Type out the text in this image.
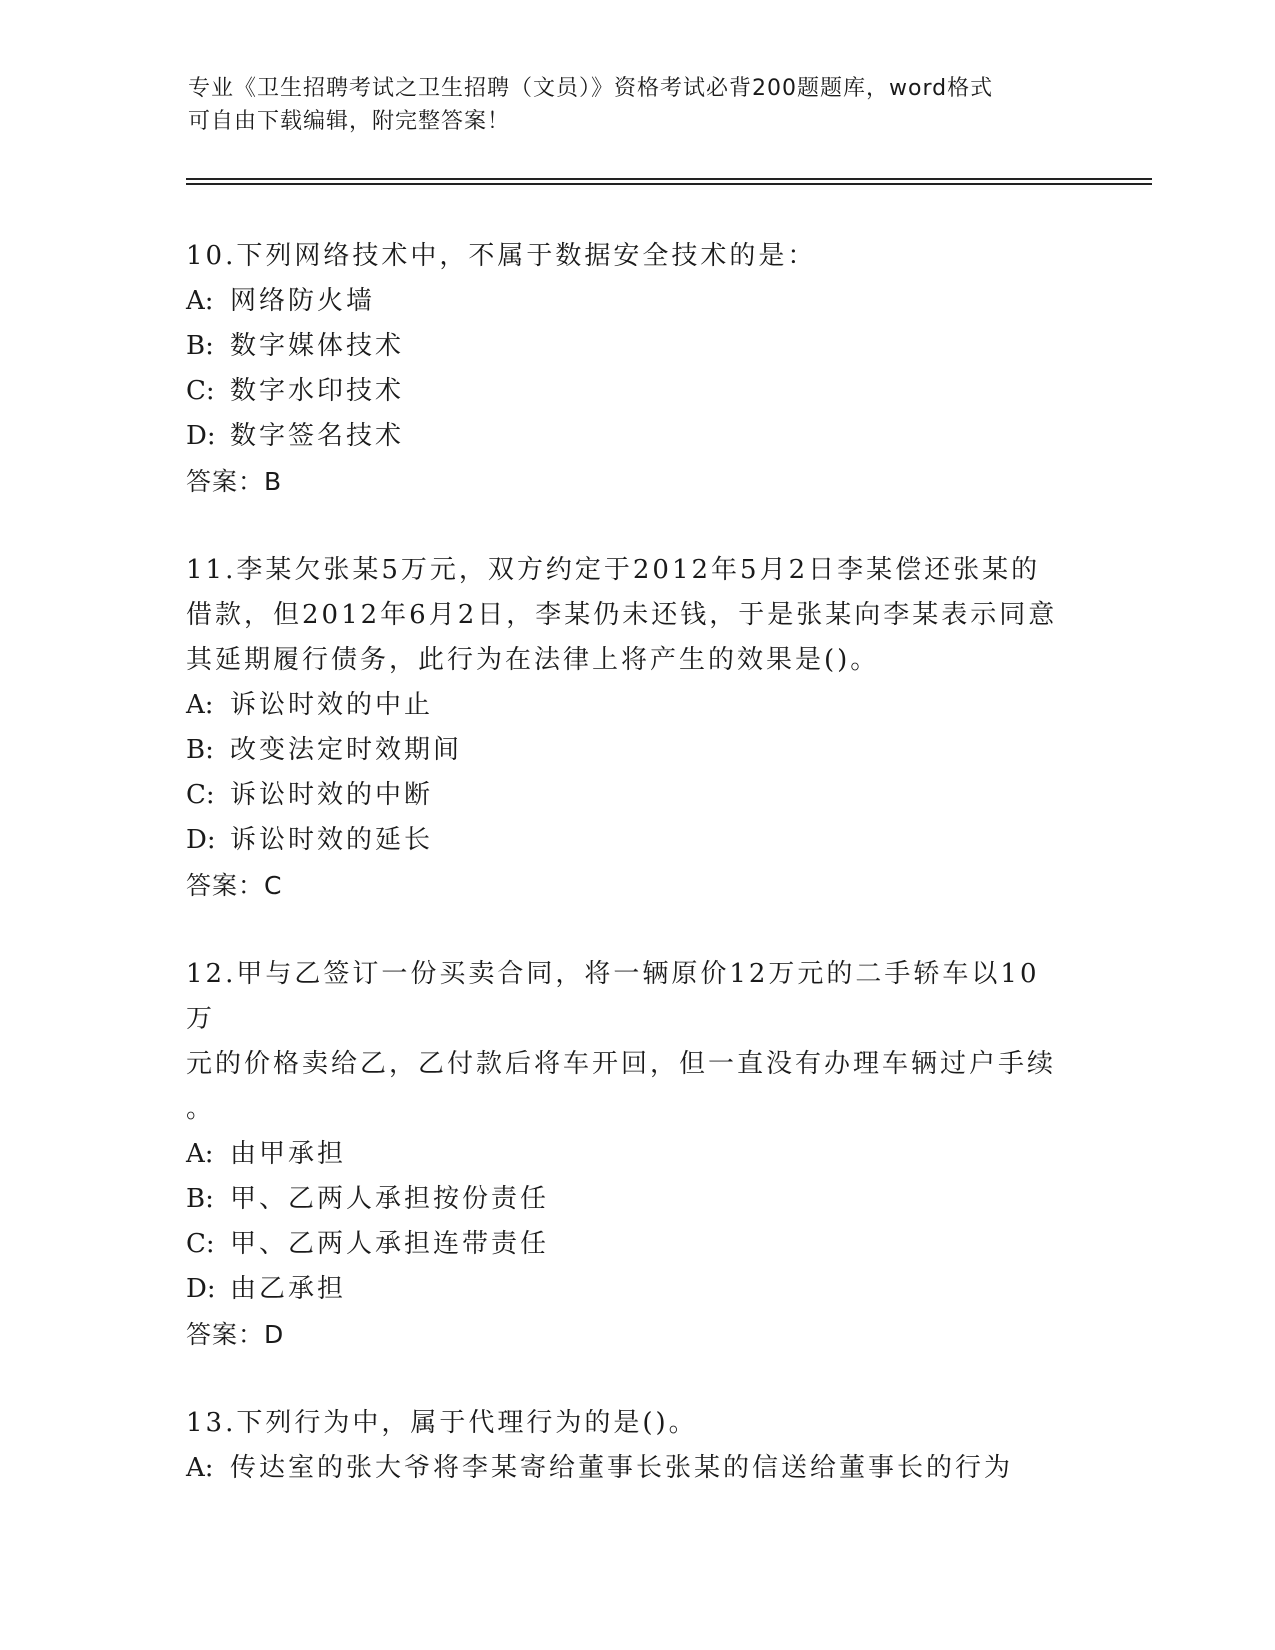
专业《卫生招聘考试之卫生招聘（文员）》资格考试必背200题题库，word格式
可自由下载编辑，附完整答案！
10.下列网络技术中，不属于数据安全技术的是：
A: 网络防火墙
B: 数字媒体技术
C: 数字水印技术
D: 数字签名技术
答案：B
11.李某欠张某5万元，双方约定于2012年5月2日李某偿还张某的
借款，但2012年6月2日，李某仍未还钱，于是张某向李某表示同意
其延期履行债务，此行为在法律上将产生的效果是()。
A: 诉讼时效的中止
B: 改变法定时效期间
C: 诉讼时效的中断
D: 诉讼时效的延长
答案：C
12.甲与乙签订一份买卖合同，将一辆原价12万元的二手轿车以10万
元的价格卖给乙，乙付款后将车开回，但一直没有办理车辆过户手续
。
A: 由甲承担
B: 甲、乙两人承担按份责任
C: 甲、乙两人承担连带责任
D: 由乙承担
答案：D
13.下列行为中，属于代理行为的是()。
A: 传达室的张大爷将李某寄给董事长张某的信送给董事长的行为
